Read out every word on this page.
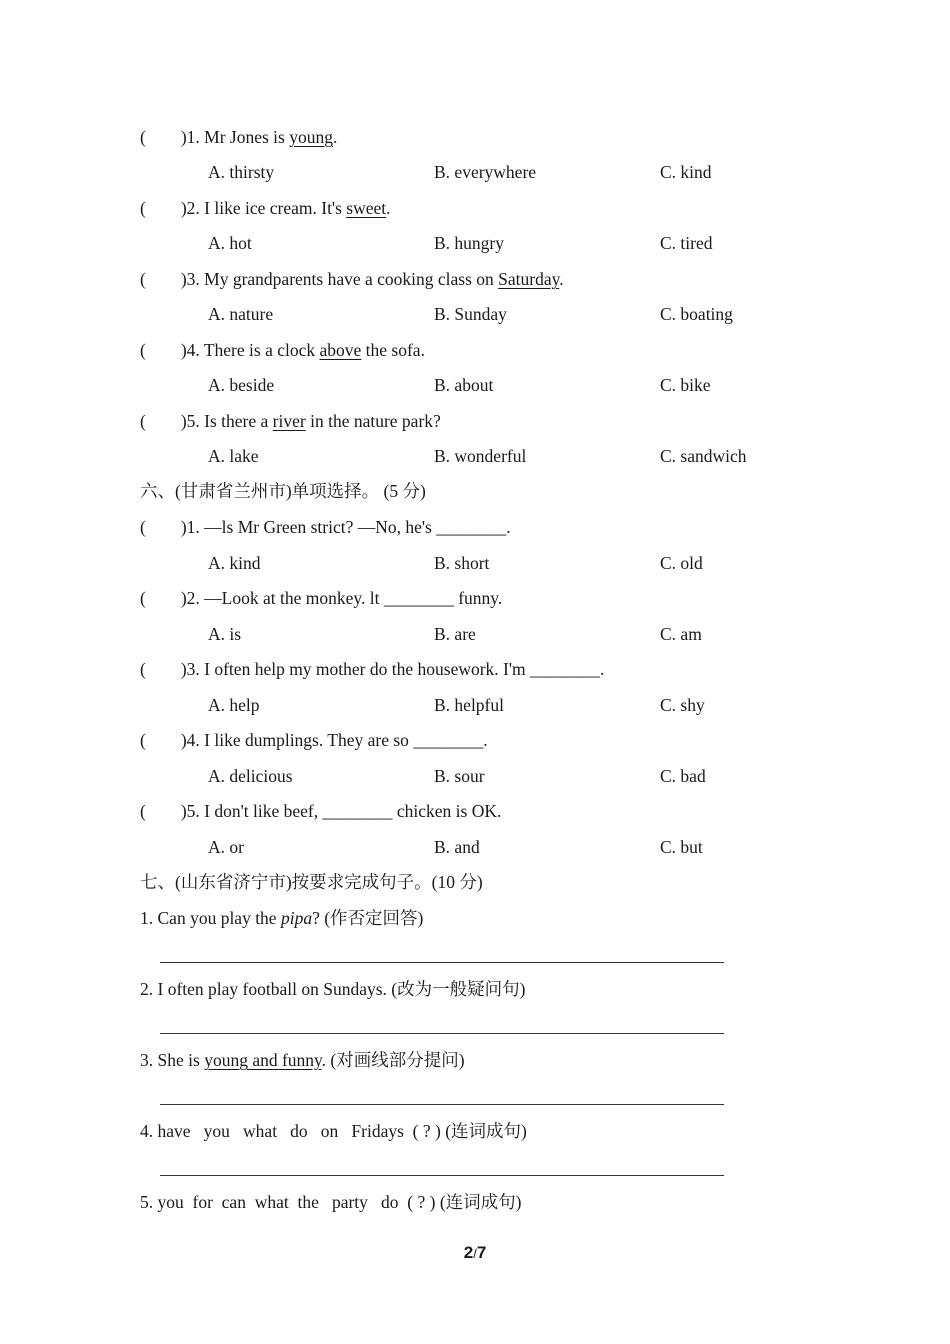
(        )1. Mr Jones is young.
A. thirsty	B. everywhere	C. kind
(        )2. I like ice cream. It's sweet.
A. hot	B. hungry	C. tired
(        )3. My grandparents have a cooking class on Saturday.
A. nature	B. Sunday	C. boating
(        )4. There is a clock above the sofa.
A. beside	B. about	C. bike
(        )5. Is there a river in the nature park?
A. lake	B. wonderful	C. sandwich
六、(甘肃省兰州市)单项选择。 (5 分)
(        )1. —ls Mr Green strict? —No, he's ________.
A. kind	B. short	C. old
(        )2. —Look at the monkey. lt ________ funny.
A. is	B. are	C. am
(        )3. I often help my mother do the housework. I'm ________.
A. help	B. helpful	C. shy
(        )4. I like dumplings. They are so ________.
A. delicious	B. sour	C. bad
(        )5. I don't like beef, ________ chicken is OK.
A. or	B. and	C. but
七、(山东省济宁市)按要求完成句子。(10 分)
1. Can you play the pipa? (作否定回答)
2. I often play football on Sundays. (改为一般疑问句)
3. She is young and funny. (对画线部分提问)
4. have   you   what   do   on   Fridays  ( ? ) (连词成句)
5. you  for  can  what  the   party   do  ( ? ) (连词成句)
2/7
